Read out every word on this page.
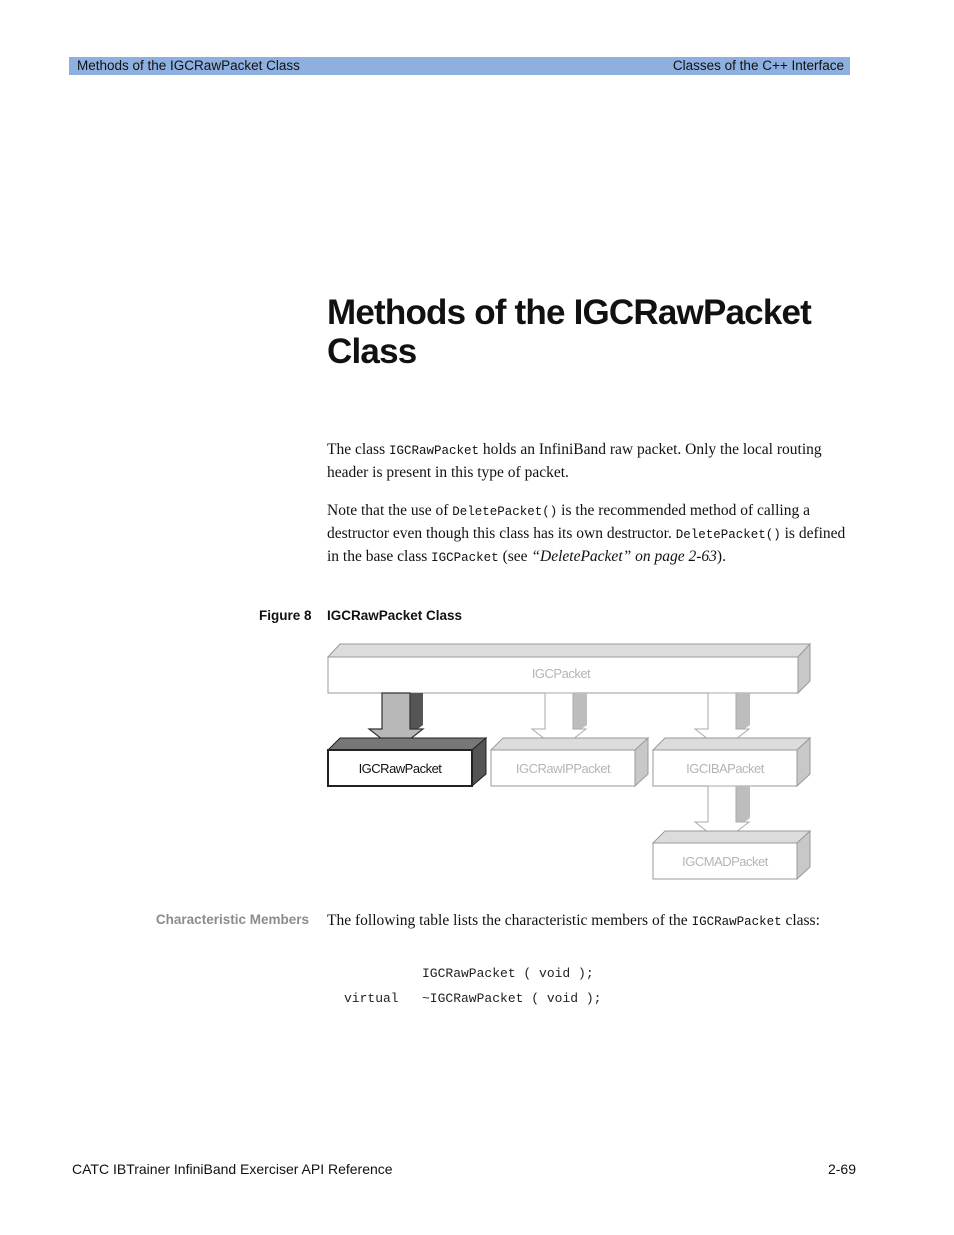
Methods of the IGCRawPacket Class	Classes of the C++ Interface
Methods of the IGCRawPacket Class

The class IGCRawPacket holds an InfiniBand raw packet. Only the local routing header is present in this type of packet.

Note that the use of DeletePacket() is the recommended method of calling a destructor even though this class has its own destructor. DeletePacket() is defined in the base class IGCPacket (see “DeletePacket” on page 2-63).

Figure 8 IGCRawPacket Class
IGCPacket
IGCRawPacket	IGCRawIPPacket	IGCIBAPacket
IGCMADPacket
Characteristic Members The following table lists the characteristic members of the IGCRawPacket class:

IGCRawPacket ( void );
virtual ~IGCRawPacket ( void );
CATC IBTrainer InfiniBand Exerciser API Reference	2-69
